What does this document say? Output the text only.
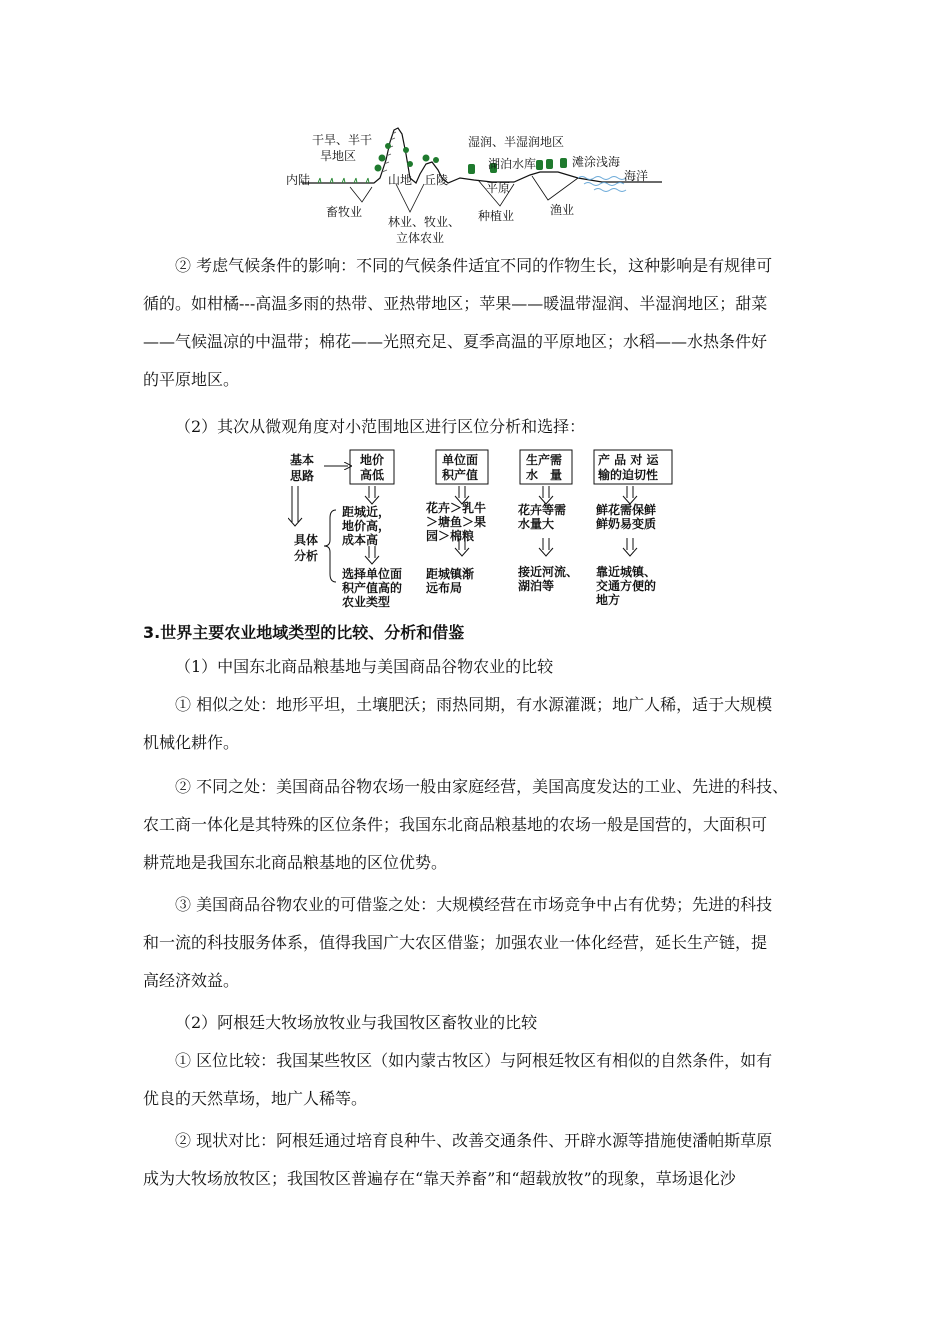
干旱、半干
旱地区
内陆	山地 丘陵
湿润、半湿润地区
湖泊水库	滩涂浅海
海洋
平原
畜牧业
林业、牧业、
立体农业
种植业	渔业

② 考虑气候条件的影响：不同的气候条件适宜不同的作物生长，这种影响是有规律可
循的。如柑橘---高温多雨的热带、亚热带地区；苹果——暖温带湿润、半湿润地区；甜菜
——气候温凉的中温带；棉花——光照充足、夏季高温的平原地区；水稻——水热条件好
的平原地区。

（2）其次从微观角度对小范围地区进行区位分析和选择：

基本
思路
具体
分析
地价
高低
单位面
积产值
生产需
水　量
产 品 对 运
输的迫切性
距城近，
地价高，
成本高
花卉＞乳牛
＞塘鱼＞果
园＞棉粮
花卉等需
水量大
鲜花需保鲜
鲜奶易变质
选择单位面
积产值高的
农业类型
距城镇渐
远布局
接近河流、
湖泊等
靠近城镇、
交通方便的
地方

3.世界主要农业地域类型的比较、分析和借鉴

（1）中国东北商品粮基地与美国商品谷物农业的比较

① 相似之处：地形平坦，土壤肥沃；雨热同期，有水源灌溉；地广人稀，适于大规模
机械化耕作。

② 不同之处：美国商品谷物农场一般由家庭经营，美国高度发达的工业、先进的科技、
农工商一体化是其特殊的区位条件；我国东北商品粮基地的农场一般是国营的，大面积可
耕荒地是我国东北商品粮基地的区位优势。

③ 美国商品谷物农业的可借鉴之处：大规模经营在市场竞争中占有优势；先进的科技
和一流的科技服务体系，值得我国广大农区借鉴；加强农业一体化经营，延长生产链，提
高经济效益。

（2）阿根廷大牧场放牧业与我国牧区畜牧业的比较

① 区位比较：我国某些牧区（如内蒙古牧区）与阿根廷牧区有相似的自然条件，如有
优良的天然草场，地广人稀等。

② 现状对比：阿根廷通过培育良种牛、改善交通条件、开辟水源等措施使潘帕斯草原
成为大牧场放牧区；我国牧区普遍存在“靠天养畜”和“超载放牧”的现象，草场退化沙
